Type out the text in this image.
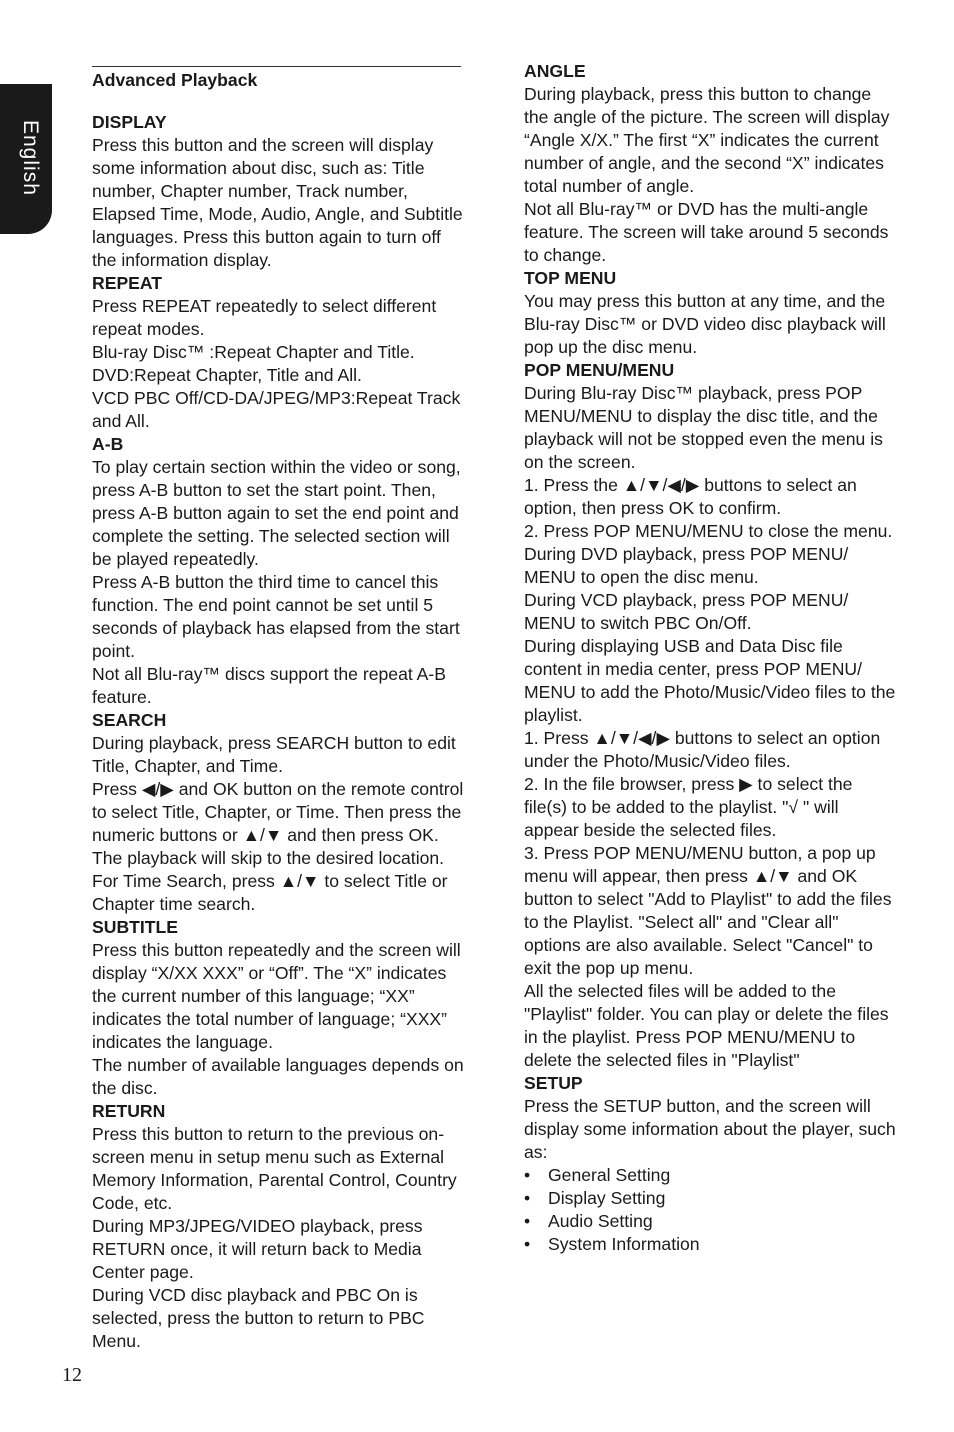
English
Advanced Playback
DISPLAY
Press this button and the screen will display some information about disc, such as: Title number, Chapter number, Track number, Elapsed Time, Mode, Audio, Angle, and Subtitle languages. Press this button again to turn off the information display.
REPEAT
Press REPEAT repeatedly to select different repeat modes.
Blu-ray Disc™ :Repeat Chapter and Title.
DVD:Repeat Chapter, Title and All.
VCD PBC Off/CD-DA/JPEG/MP3:Repeat Track and All.
A-B
To play certain section within the video or song, press A-B button to set the start point. Then, press A-B button again to set the end point and complete the setting. The selected section will be played repeatedly.
Press A-B button the third time to cancel this function. The end point cannot be set until 5 seconds of playback has elapsed from the start point.
Not all Blu-ray™ discs support the repeat A-B feature.
SEARCH
During playback, press SEARCH button to edit Title, Chapter, and Time.
Press ◀/▶ and OK button on the remote control to select Title, Chapter, or Time. Then press the numeric buttons or ▲/▼ and then press OK. The playback will skip to the desired location.
For Time Search, press ▲/▼ to select Title or Chapter time search.
SUBTITLE
Press this button repeatedly and the screen will display “X/XX XXX” or “Off”. The “X” indicates the current number of this language; “XX” indicates the total number of language; “XXX” indicates the language.
The number of available languages depends on the disc.
RETURN
Press this button to return to the previous on-screen menu in setup menu such as External Memory Information, Parental Control, Country Code, etc.
During MP3/JPEG/VIDEO playback, press RETURN once, it will return back to Media Center page.
During VCD disc playback and PBC On is selected, press the button to return to PBC Menu.
ANGLE
During playback, press this button to change the angle of the picture. The screen will display “Angle X/X.” The first “X” indicates the current number of angle, and the second “X” indicates total number of angle.
Not all Blu-ray™ or DVD has the multi-angle feature. The screen will take around 5 seconds to change.
TOP MENU
You may press this button at any time, and the Blu-ray Disc™ or DVD video disc playback will pop up the disc menu.
POP MENU/MENU
During Blu-ray Disc™ playback, press POP MENU/MENU to display the disc title, and the playback will not be stopped even the menu is on the screen.
1. Press the ▲/▼/◀/▶ buttons to select an option, then press OK to confirm.
2. Press POP MENU/MENU to close the menu.
During DVD playback, press POP MENU/ MENU to open the disc menu.
During VCD playback, press POP MENU/ MENU to switch PBC On/Off.
During displaying USB and Data Disc file content in media center, press POP MENU/ MENU to add the Photo/Music/Video files to the playlist.
1. Press ▲/▼/◀/▶ buttons to select an option under the Photo/Music/Video files.
2. In the file browser, press ▶ to select the file(s) to be added to the playlist. "√ " will appear beside the selected files.
3. Press POP MENU/MENU button, a pop up menu will appear, then press ▲/▼ and OK button to select "Add to Playlist" to add the files to the Playlist. "Select all" and "Clear all" options are also available. Select "Cancel" to exit the pop up menu.
All the selected files will be added to the "Playlist" folder. You can play or delete the files in the playlist. Press POP MENU/MENU to delete the selected files in "Playlist"
SETUP
Press the SETUP button, and the screen will display some information about the player, such as:
• General Setting
• Display Setting
• Audio Setting
• System Information
12
